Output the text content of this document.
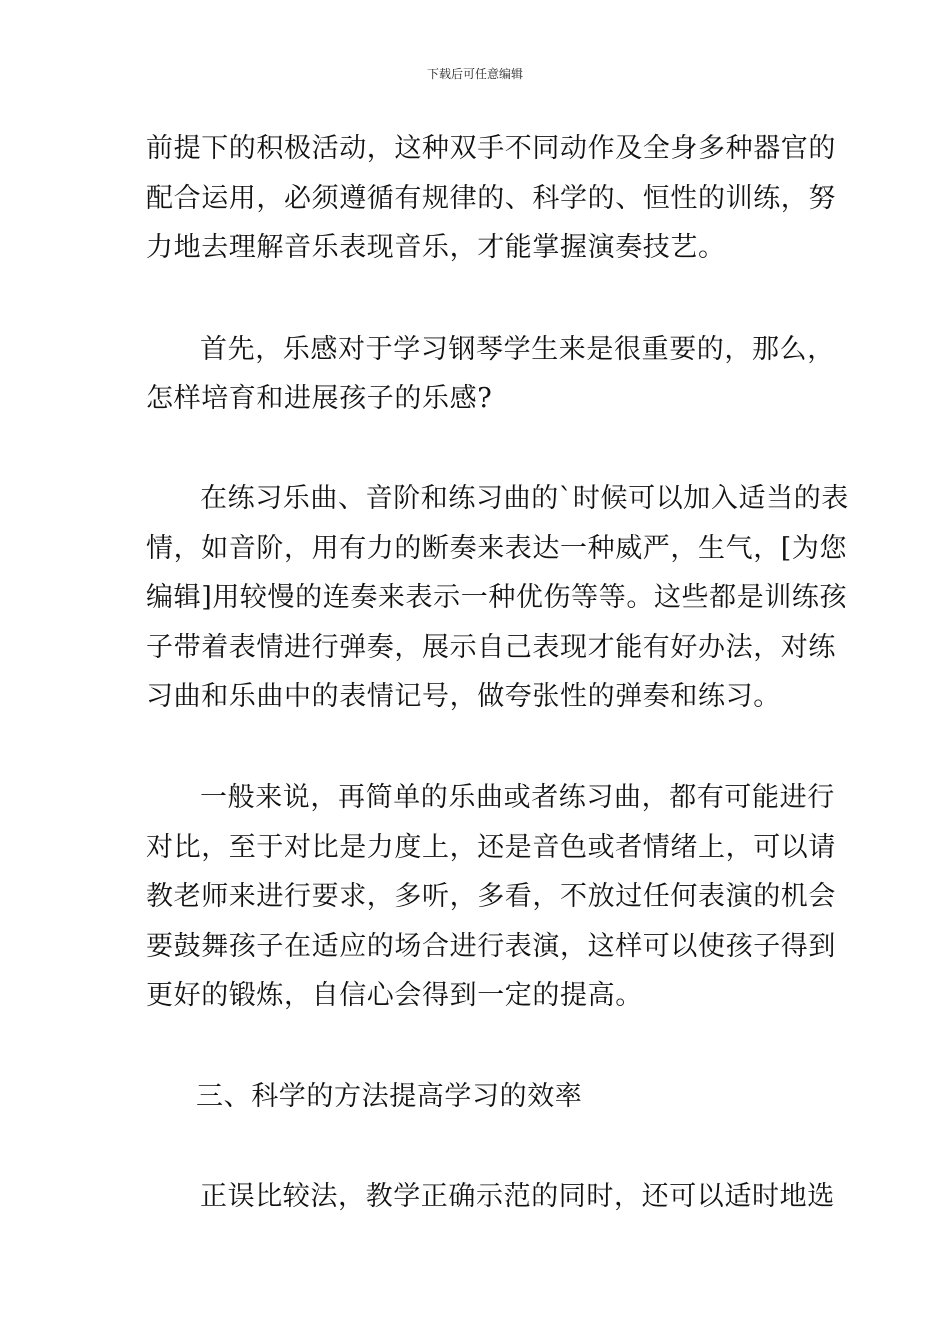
下载后可任意编辑
前提下的积极活动，这种双手不同动作及全身多种器官的
配合运用，必须遵循有规律的、科学的、恒性的训练，努
力地去理解音乐表现音乐，才能掌握演奏技艺。
首先，乐感对于学习钢琴学生来是很重要的，那么，
怎样培育和进展孩子的乐感?
在练习乐曲、音阶和练习曲的`时候可以加入适当的表
情，如音阶，用有力的断奏来表达一种威严，生气，[为您
编辑]用较慢的连奏来表示一种优伤等等。这些都是训练孩
子带着表情进行弹奏，展示自己表现才能有好办法，对练
习曲和乐曲中的表情记号，做夸张性的弹奏和练习。
一般来说，再简单的乐曲或者练习曲，都有可能进行
对比，至于对比是力度上，还是音色或者情绪上，可以请
教老师来进行要求，多听，多看，不放过任何表演的机会
要鼓舞孩子在适应的场合进行表演，这样可以使孩子得到
更好的锻炼，自信心会得到一定的提高。
三、科学的方法提高学习的效率
正误比较法，教学正确示范的同时，还可以适时地选
